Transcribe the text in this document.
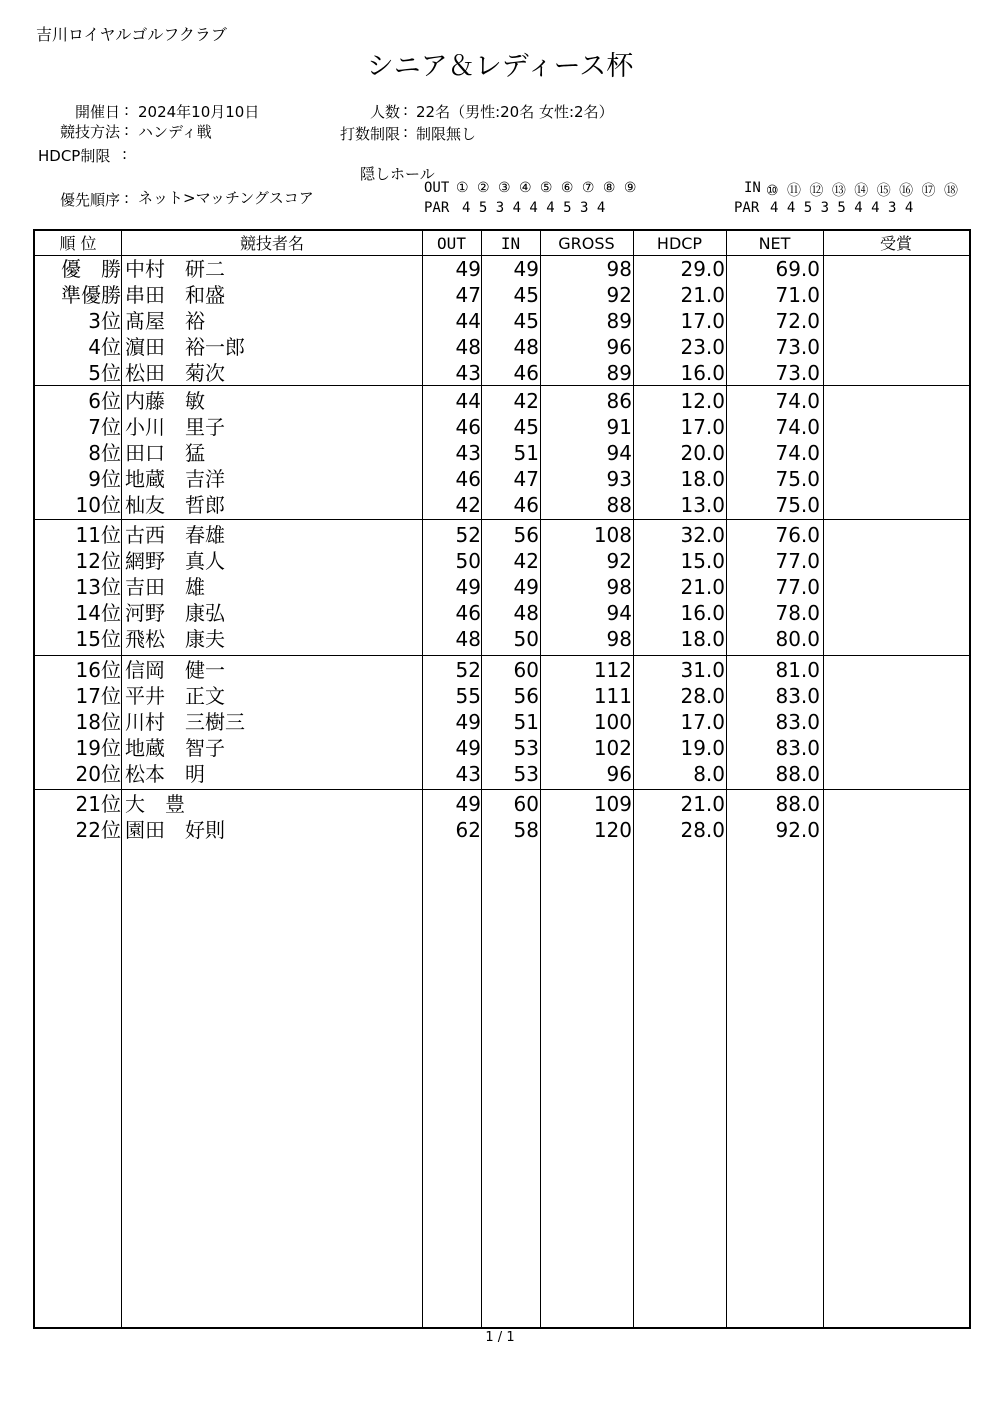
吉川ロイヤルゴルフクラブ
シニア＆レディース杯
開催日 : 2024年10月10日
競技方法 : ハンディ戦
HDCP制限 :
人数 : 22名（男性:20名 女性:2名）
打数制限 : 制限無し
隠しホール
優先順序 : ネット>マッチングスコア
OUT ① ② ③ ④ ⑤ ⑥ ⑦ ⑧ ⑨
PAR 4 5 3 4 4 4 5 3 4
IN ⑩ ⑪ ⑫ ⑬ ⑭ ⑮ ⑯ ⑰ ⑱
PAR 4 4 5 3 5 4 4 3 4
順 位	競技者名	OUT	IN	GROSS	HDCP	NET	受賞
優　勝 中村　研二	49	49	98	29.0	69.0
準優勝 串田　和盛	47	45	92	21.0	71.0
3位 髙屋　裕	44	45	89	17.0	72.0
4位 濵田　裕一郎	48	48	96	23.0	73.0
5位 松田　菊次	43	46	89	16.0	73.0
6位 内藤　敏	44	42	86	12.0	74.0
7位 小川　里子	46	45	91	17.0	74.0
8位 田口　猛	43	51	94	20.0	74.0
9位 地蔵　吉洋	46	47	93	18.0	75.0
10位 杣友　哲郎	42	46	88	13.0	75.0
11位 古西　春雄	52	56	108	32.0	76.0
12位 網野　真人	50	42	92	15.0	77.0
13位 吉田　雄	49	49	98	21.0	77.0
14位 河野　康弘	46	48	94	16.0	78.0
15位 飛松　康夫	48	50	98	18.0	80.0
16位 信岡　健一	52	60	112	31.0	81.0
17位 平井　正文	55	56	111	28.0	83.0
18位 川村　三樹三	49	51	100	17.0	83.0
19位 地蔵　智子	49	53	102	19.0	83.0
20位 松本　明	43	53	96	8.0	88.0
21位 大　豊	49	60	109	21.0	88.0
22位 園田　好則	62	58	120	28.0	92.0
1 / 1
